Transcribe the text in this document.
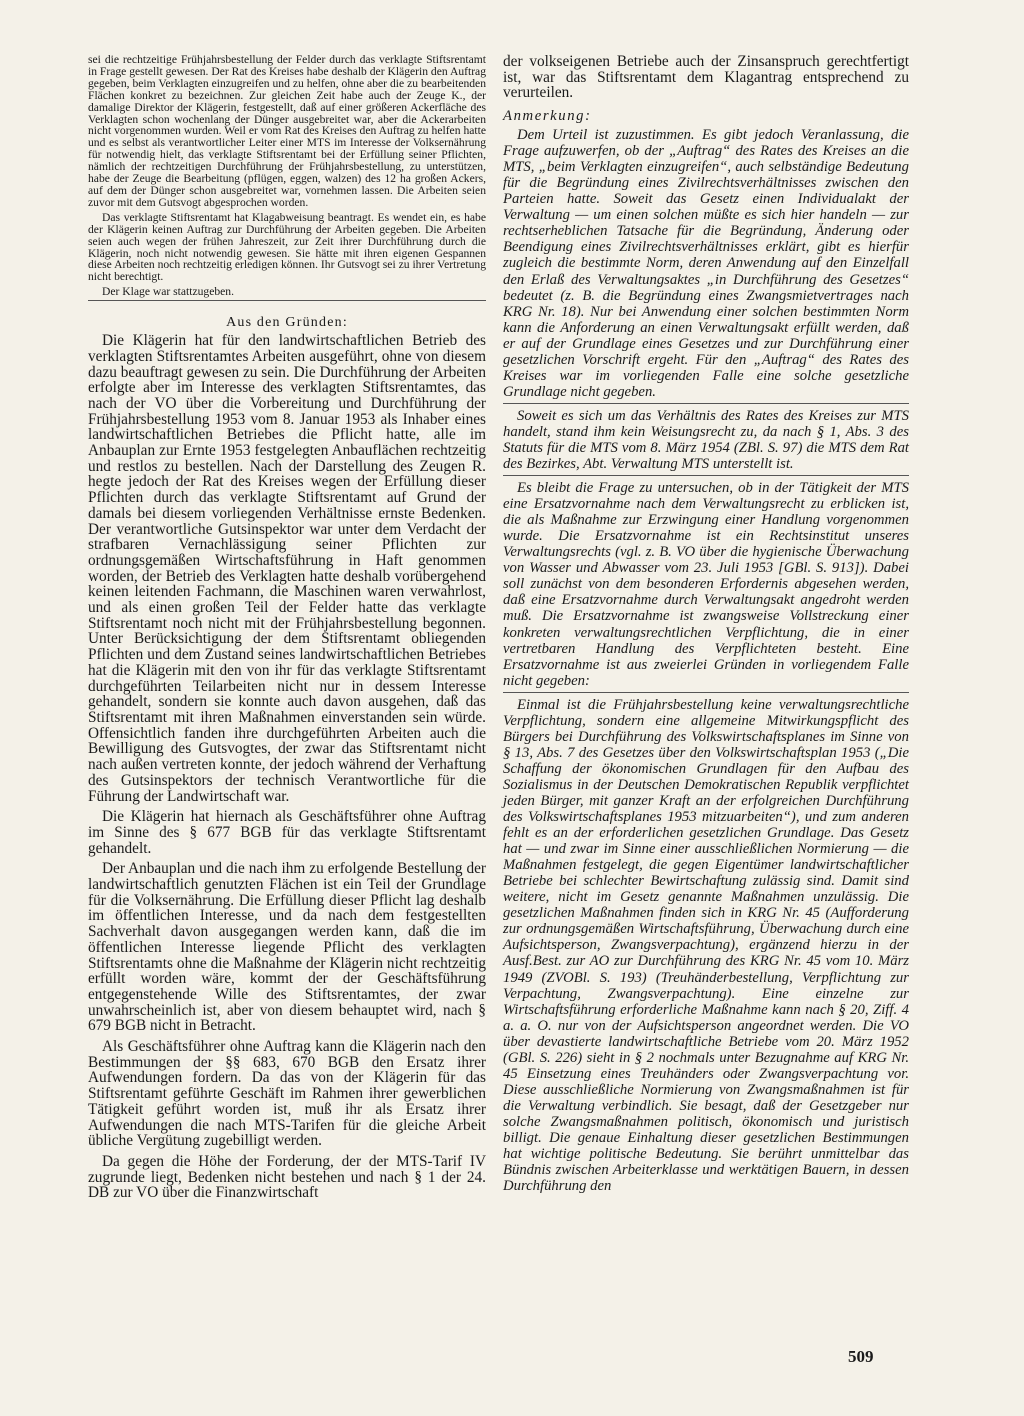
sei die rechtzeitige Frühjahrsbestellung der Felder durch das verklagte Stiftsrentamt in Frage gestellt gewesen. Der Rat des Kreises habe deshalb der Klägerin den Auftrag gegeben, beim Verklagten einzugreifen und zu helfen, ohne aber die zu bearbeitenden Flächen konkret zu bezeichnen. Zur gleichen Zeit habe auch der Zeuge K., der damalige Direktor der Klägerin, festgestellt, daß auf einer größeren Ackerfläche des Verklagten schon wochenlang der Dünger ausgebreitet war, aber die Ackerarbeiten nicht vorgenommen wurden. Weil er vom Rat des Kreises den Auftrag zu helfen hatte und es selbst als verantwortlicher Leiter einer MTS im Interesse der Volksernährung für notwendig hielt, das verklagte Stiftsrentamt bei der Erfüllung seiner Pflichten, nämlich der rechtzeitigen Durchführung der Frühjahrsbestellung, zu unterstützen, habe der Zeuge die Bearbeitung (pflügen, eggen, walzen) des 12 ha großen Ackers, auf dem der Dünger schon ausgebreitet war, vornehmen lassen. Die Arbeiten seien zuvor mit dem Gutsvogt abgesprochen worden.

Das verklagte Stiftsrentamt hat Klagabweisung beantragt. Es wendet ein, es habe der Klägerin keinen Auftrag zur Durchführung der Arbeiten gegeben. Die Arbeiten seien auch wegen der frühen Jahreszeit, zur Zeit ihrer Durchführung durch die Klägerin, noch nicht notwendig gewesen. Sie hätte mit ihren eigenen Gespannen diese Arbeiten noch rechtzeitig erledigen können. Ihr Gutsvogt sei zu ihrer Vertretung nicht berechtigt.

Der Klage war stattzugeben.

Aus den Gründen:

Die Klägerin hat für den landwirtschaftlichen Betrieb des verklagten Stiftsrentamtes Arbeiten ausgeführt, ohne von diesem dazu beauftragt gewesen zu sein. Die Durchführung der Arbeiten erfolgte aber im Interesse des verklagten Stiftsrentamtes, das nach der VO über die Vorbereitung und Durchführung der Frühjahrsbestellung 1953 vom 8. Januar 1953 als Inhaber eines landwirtschaftlichen Betriebes die Pflicht hatte, alle im Anbauplan zur Ernte 1953 festgelegten Anbauflächen rechtzeitig und restlos zu bestellen. Nach der Darstellung des Zeugen R. hegte jedoch der Rat des Kreises wegen der Erfüllung dieser Pflichten durch das verklagte Stiftsrentamt auf Grund der damals bei diesem vorliegenden Verhältnisse ernste Bedenken. Der verantwortliche Gutsinspektor war unter dem Verdacht der strafbaren Vernachlässigung seiner Pflichten zur ordnungsgemäßen Wirtschaftsführung in Haft genommen worden, der Betrieb des Verklagten hatte deshalb vorübergehend keinen leitenden Fachmann, die Maschinen waren verwahrlost, und als einen großen Teil der Felder hatte das verklagte Stiftsrentamt noch nicht mit der Frühjahrsbestellung begonnen. Unter Berücksichtigung der dem Stiftsrentamt obliegenden Pflichten und dem Zustand seines landwirtschaftlichen Betriebes hat die Klägerin mit den von ihr für das verklagte Stiftsrentamt durchgeführten Teilarbeiten nicht nur in dessem Interesse gehandelt, sondern sie konnte auch davon ausgehen, daß das Stiftsrentamt mit ihren Maßnahmen einverstanden sein würde. Offensichtlich fanden ihre durchgeführten Arbeiten auch die Bewilligung des Gutsvogtes, der zwar das Stiftsrentamt nicht nach außen vertreten konnte, der jedoch während der Verhaftung des Gutsinspektors der technisch Verantwortliche für die Führung der Landwirtschaft war.

Die Klägerin hat hiernach als Geschäftsführer ohne Auftrag im Sinne des § 677 BGB für das verklagte Stiftsrentamt gehandelt.

Der Anbauplan und die nach ihm zu erfolgende Bestellung der landwirtschaftlich genutzten Flächen ist ein Teil der Grundlage für die Volksernährung. Die Erfüllung dieser Pflicht lag deshalb im öffentlichen Interesse, und da nach dem festgestellten Sachverhalt davon ausgegangen werden kann, daß die im öffentlichen Interesse liegende Pflicht des verklagten Stiftsrentamts ohne die Maßnahme der Klägerin nicht rechtzeitig erfüllt worden wäre, kommt der der Geschäftsführung entgegenstehende Wille des Stiftsrentamtes, der zwar unwahrscheinlich ist, aber von diesem behauptet wird, nach § 679 BGB nicht in Betracht.

Als Geschäftsführer ohne Auftrag kann die Klägerin nach den Bestimmungen der §§ 683, 670 BGB den Ersatz ihrer Aufwendungen fordern. Da das von der Klägerin für das Stiftsrentamt geführte Geschäft im Rahmen ihrer gewerblichen Tätigkeit geführt worden ist, muß ihr als Ersatz ihrer Aufwendungen die nach MTS-Tarifen für die gleiche Arbeit übliche Vergütung zugebilligt werden.

Da gegen die Höhe der Forderung, der der MTS-Tarif IV zugrunde liegt, Bedenken nicht bestehen und nach § 1 der 24. DB zur VO über die Finanzwirtschaft

der volkseigenen Betriebe auch der Zinsanspruch gerechtfertigt ist, war das Stiftsrentamt dem Klagantrag entsprechend zu verurteilen.

Anmerkung:

Dem Urteil ist zuzustimmen. Es gibt jedoch Veranlassung, die Frage aufzuwerfen, ob der „Auftrag“ des Rates des Kreises an die MTS, „beim Verklagten einzugreifen“, auch selbständige Bedeutung für die Begründung eines Zivilrechtsverhältnisses zwischen den Parteien hatte. Soweit das Gesetz einen Individualakt der Verwaltung — um einen solchen müßte es sich hier handeln — zur rechtserheblichen Tatsache für die Begründung, Änderung oder Beendigung eines Zivilrechtsverhältnisses erklärt, gibt es hierfür zugleich die bestimmte Norm, deren Anwendung auf den Einzelfall den Erlaß des Verwaltungsaktes „in Durchführung des Gesetzes“ bedeutet (z. B. die Begründung eines Zwangsmietvertrages nach KRG Nr. 18). Nur bei Anwendung einer solchen bestimmten Norm kann die Anforderung an einen Verwaltungsakt erfüllt werden, daß er auf der Grundlage eines Gesetzes und zur Durchführung einer gesetzlichen Vorschrift ergeht. Für den „Auftrag“ des Rates des Kreises war im vorliegenden Falle eine solche gesetzliche Grundlage nicht gegeben.

Soweit es sich um das Verhältnis des Rates des Kreises zur MTS handelt, stand ihm kein Weisungsrecht zu, da nach § 1, Abs. 3 des Statuts für die MTS vom 8. März 1954 (ZBl. S. 97) die MTS dem Rat des Bezirkes, Abt. Verwaltung MTS unterstellt ist.

Es bleibt die Frage zu untersuchen, ob in der Tätigkeit der MTS eine Ersatzvornahme nach dem Verwaltungsrecht zu erblicken ist, die als Maßnahme zur Erzwingung einer Handlung vorgenommen wurde. Die Ersatzvornahme ist ein Rechtsinstitut unseres Verwaltungsrechts (vgl. z. B. VO über die hygienische Überwachung von Wasser und Abwasser vom 23. Juli 1953 [GBl. S. 913]). Dabei soll zunächst von dem besonderen Erfordernis abgesehen werden, daß eine Ersatzvornahme durch Verwaltungsakt angedroht werden muß. Die Ersatzvornahme ist zwangsweise Vollstreckung einer konkreten verwaltungsrechtlichen Verpflichtung, die in einer vertretbaren Handlung des Verpflichteten besteht. Eine Ersatzvornahme ist aus zweierlei Gründen in vorliegendem Falle nicht gegeben:

Einmal ist die Frühjahrsbestellung keine verwaltungsrechtliche Verpflichtung, sondern eine allgemeine Mitwirkungspflicht des Bürgers bei Durchführung des Volkswirtschaftsplanes im Sinne von § 13, Abs. 7 des Gesetzes über den Volkswirtschaftsplan 1953 („Die Schaffung der ökonomischen Grundlagen für den Aufbau des Sozialismus in der Deutschen Demokratischen Republik verpflichtet jeden Bürger, mit ganzer Kraft an der erfolgreichen Durchführung des Volkswirtschaftsplanes 1953 mitzuarbeiten“), und zum anderen fehlt es an der erforderlichen gesetzlichen Grundlage. Das Gesetz hat — und zwar im Sinne einer ausschließlichen Normierung — die Maßnahmen festgelegt, die gegen Eigentümer landwirtschaftlicher Betriebe bei schlechter Bewirtschaftung zulässig sind. Damit sind weitere, nicht im Gesetz genannte Maßnahmen unzulässig. Die gesetzlichen Maßnahmen finden sich in KRG Nr. 45 (Aufforderung zur ordnungsgemäßen Wirtschaftsführung, Überwachung durch eine Aufsichtsperson, Zwangsverpachtung), ergänzend hierzu in der Ausf.Best. zur AO zur Durchführung des KRG Nr. 45 vom 10. März 1949 (ZVOBl. S. 193) (Treuhänderbestellung, Verpflichtung zur Verpachtung, Zwangsverpachtung). Eine einzelne zur Wirtschaftsführung erforderliche Maßnahme kann nach § 20, Ziff. 4 a. a. O. nur von der Aufsichtsperson angeordnet werden. Die VO über devastierte landwirtschaftliche Betriebe vom 20. März 1952 (GBl. S. 226) sieht in § 2 nochmals unter Bezugnahme auf KRG Nr. 45 Einsetzung eines Treuhänders oder Zwangsverpachtung vor. Diese ausschließliche Normierung von Zwangsmaßnahmen ist für die Verwaltung verbindlich. Sie besagt, daß der Gesetzgeber nur solche Zwangsmaßnahmen politisch, ökonomisch und juristisch billigt. Die genaue Einhaltung dieser gesetzlichen Bestimmungen hat wichtige politische Bedeutung. Sie berührt unmittelbar das Bündnis zwischen Arbeiterklasse und werktätigen Bauern, in dessen Durchführung den

509
